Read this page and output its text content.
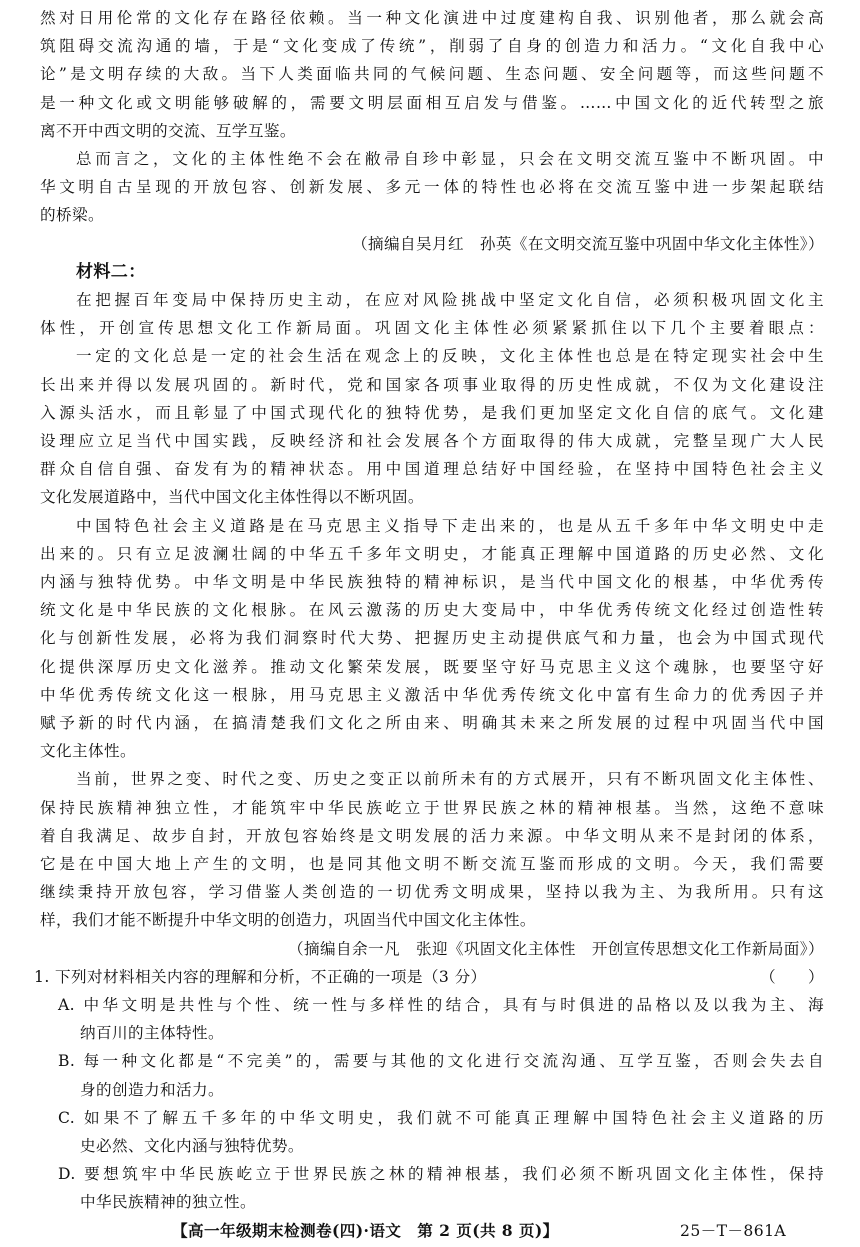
然对日用伦常的文化存在路径依赖。当一种文化演进中过度建构自我、识别他者，那么就会高
筑阻碍交流沟通的墙，于是“文化变成了传统”，削弱了自身的创造力和活力。“文化自我中心
论”是文明存续的大敌。当下人类面临共同的气候问题、生态问题、安全问题等，而这些问题不
是一种文化或文明能够破解的，需要文明层面相互启发与借鉴。……中国文化的近代转型之旅
离不开中西文明的交流、互学互鉴。
总而言之，文化的主体性绝不会在敝帚自珍中彰显，只会在文明交流互鉴中不断巩固。中
华文明自古呈现的开放包容、创新发展、多元一体的特性也必将在交流互鉴中进一步架起联结
的桥梁。
（摘编自吴月红　孙英《在文明交流互鉴中巩固中华文化主体性》）
材料二：
在把握百年变局中保持历史主动，在应对风险挑战中坚定文化自信，必须积极巩固文化主
体性，开创宣传思想文化工作新局面。巩固文化主体性必须紧紧抓住以下几个主要着眼点：
一定的文化总是一定的社会生活在观念上的反映，文化主体性也总是在特定现实社会中生
长出来并得以发展巩固的。新时代，党和国家各项事业取得的历史性成就，不仅为文化建设注
入源头活水，而且彰显了中国式现代化的独特优势，是我们更加坚定文化自信的底气。文化建
设理应立足当代中国实践，反映经济和社会发展各个方面取得的伟大成就，完整呈现广大人民
群众自信自强、奋发有为的精神状态。用中国道理总结好中国经验，在坚持中国特色社会主义
文化发展道路中，当代中国文化主体性得以不断巩固。
中国特色社会主义道路是在马克思主义指导下走出来的，也是从五千多年中华文明史中走
出来的。只有立足波澜壮阔的中华五千多年文明史，才能真正理解中国道路的历史必然、文化
内涵与独特优势。中华文明是中华民族独特的精神标识，是当代中国文化的根基，中华优秀传
统文化是中华民族的文化根脉。在风云激荡的历史大变局中，中华优秀传统文化经过创造性转
化与创新性发展，必将为我们洞察时代大势、把握历史主动提供底气和力量，也会为中国式现代
化提供深厚历史文化滋养。推动文化繁荣发展，既要坚守好马克思主义这个魂脉，也要坚守好
中华优秀传统文化这一根脉，用马克思主义激活中华优秀传统文化中富有生命力的优秀因子并
赋予新的时代内涵，在搞清楚我们文化之所由来、明确其未来之所发展的过程中巩固当代中国
文化主体性。
当前，世界之变、时代之变、历史之变正以前所未有的方式展开，只有不断巩固文化主体性、
保持民族精神独立性，才能筑牢中华民族屹立于世界民族之林的精神根基。当然，这绝不意味
着自我满足、故步自封，开放包容始终是文明发展的活力来源。中华文明从来不是封闭的体系，
它是在中国大地上产生的文明，也是同其他文明不断交流互鉴而形成的文明。今天，我们需要
继续秉持开放包容，学习借鉴人类创造的一切优秀文明成果，坚持以我为主、为我所用。只有这
样，我们才能不断提升中华文明的创造力，巩固当代中国文化主体性。
（摘编自余一凡　张迎《巩固文化主体性　开创宣传思想文化工作新局面》）
1. 下列对材料相关内容的理解和分析，不正确的一项是（3 分）	（　　）
A. 中华文明是共性与个性、统一性与多样性的结合，具有与时俱进的品格以及以我为主、海
纳百川的主体特性。
B. 每一种文化都是“不完美”的，需要与其他的文化进行交流沟通、互学互鉴，否则会失去自
身的创造力和活力。
C. 如果不了解五千多年的中华文明史，我们就不可能真正理解中国特色社会主义道路的历
史必然、文化内涵与独特优势。
D. 要想筑牢中华民族屹立于世界民族之林的精神根基，我们必须不断巩固文化主体性，保持
中华民族精神的独立性。
【高一年级期末检测卷(四)·语文　第 2 页(共 8 页)】	25－T－861A
